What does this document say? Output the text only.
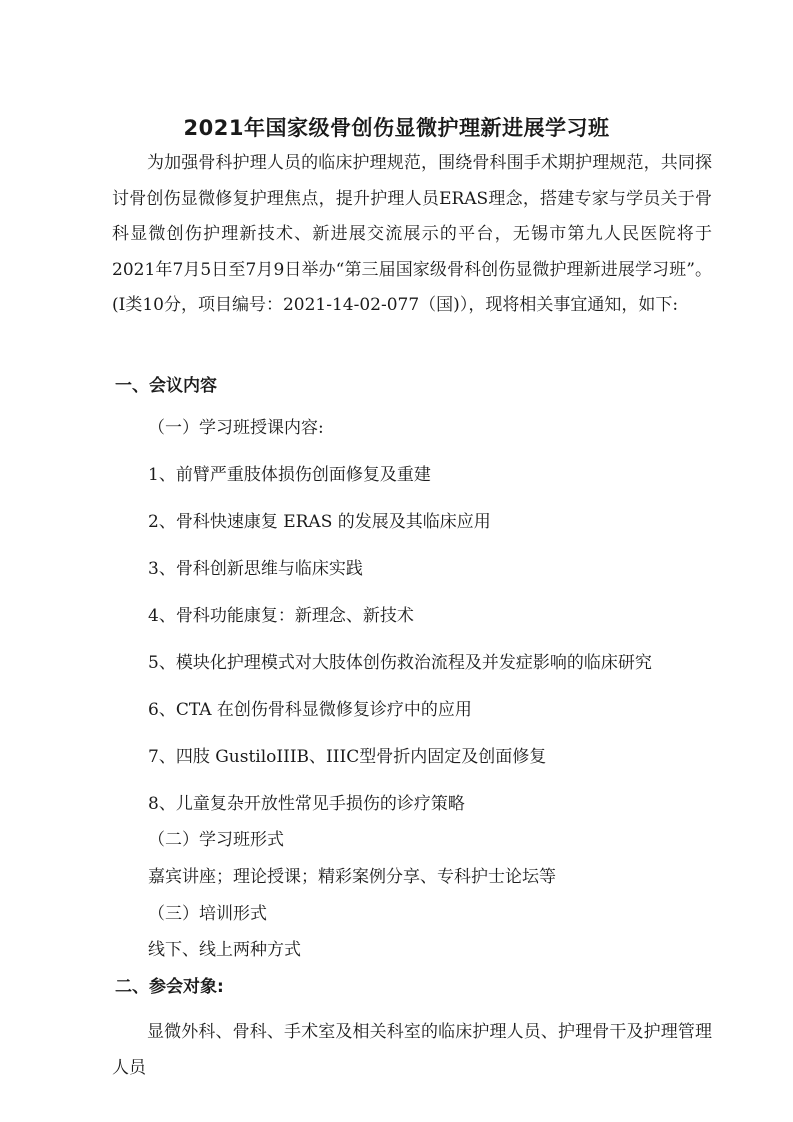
2021年国家级骨创伤显微护理新进展学习班

为加强骨科护理人员的临床护理规范，围绕骨科围手术期护理规范，共同探讨骨创伤显微修复护理焦点，提升护理人员ERAS理念，搭建专家与学员关于骨科显微创伤护理新技术、新进展交流展示的平台，无锡市第九人民医院将于2021年7月5日至7月9日举办“第三届国家级骨科创伤显微护理新进展学习班”。(I类10分，项目编号：2021-14-02-077（国)），现将相关事宜通知，如下:

一、会议内容

（一）学习班授课内容:

1、前臂严重肢体损伤创面修复及重建

2、骨科快速康复 ERAS 的发展及其临床应用

3、骨科创新思维与临床实践

4、骨科功能康复：新理念、新技术

5、模块化护理模式对大肢体创伤救治流程及并发症影响的临床研究

6、CTA 在创伤骨科显微修复诊疗中的应用

7、四肢 GustiloIIIB、IIIC型骨折内固定及创面修复

8、儿童复杂开放性常见手损伤的诊疗策略

（二）学习班形式

嘉宾讲座；理论授课；精彩案例分享、专科护士论坛等

（三）培训形式

线下、线上两种方式

二、参会对象:

显微外科、骨科、手术室及相关科室的临床护理人员、护理骨干及护理管理人员
